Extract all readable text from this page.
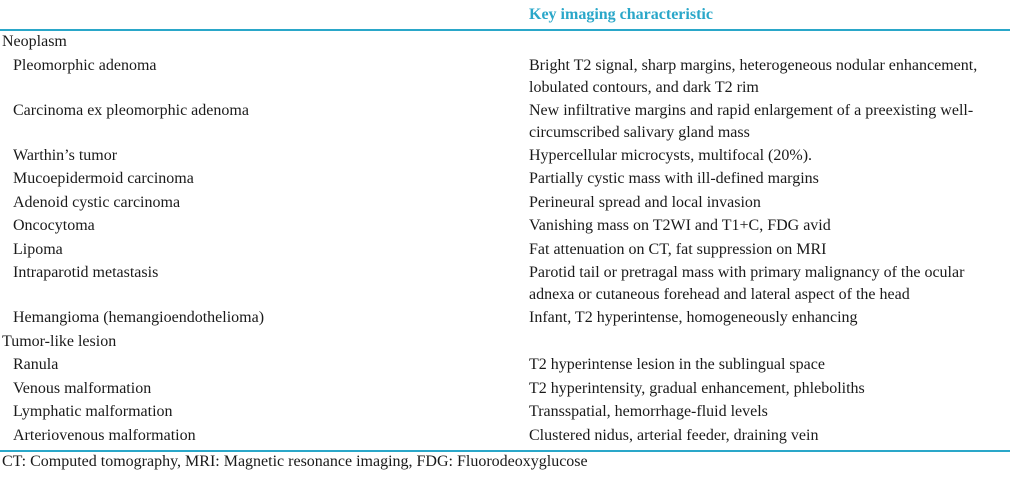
	Key imaging characteristic
Neoplasm	
Pleomorphic adenoma	Bright T2 signal, sharp margins, heterogeneous nodular enhancement, lobulated contours, and dark T2 rim
Carcinoma ex pleomorphic adenoma	New infiltrative margins and rapid enlargement of a preexisting well-circumscribed salivary gland mass
Warthin’s tumor	Hypercellular microcysts, multifocal (20%).
Mucoepidermoid carcinoma	Partially cystic mass with ill-defined margins
Adenoid cystic carcinoma	Perineural spread and local invasion
Oncocytoma	Vanishing mass on T2WI and T1+C, FDG avid
Lipoma	Fat attenuation on CT, fat suppression on MRI
Intraparotid metastasis	Parotid tail or pretragal mass with primary malignancy of the ocular adnexa or cutaneous forehead and lateral aspect of the head
Hemangioma (hemangioendothelioma)	Infant, T2 hyperintense, homogeneously enhancing
Tumor-like lesion	
Ranula	T2 hyperintense lesion in the sublingual space
Venous malformation	T2 hyperintensity, gradual enhancement, phleboliths
Lymphatic malformation	Transspatial, hemorrhage-fluid levels
Arteriovenous malformation	Clustered nidus, arterial feeder, draining vein
CT: Computed tomography, MRI: Magnetic resonance imaging, FDG: Fluorodeoxyglucose
